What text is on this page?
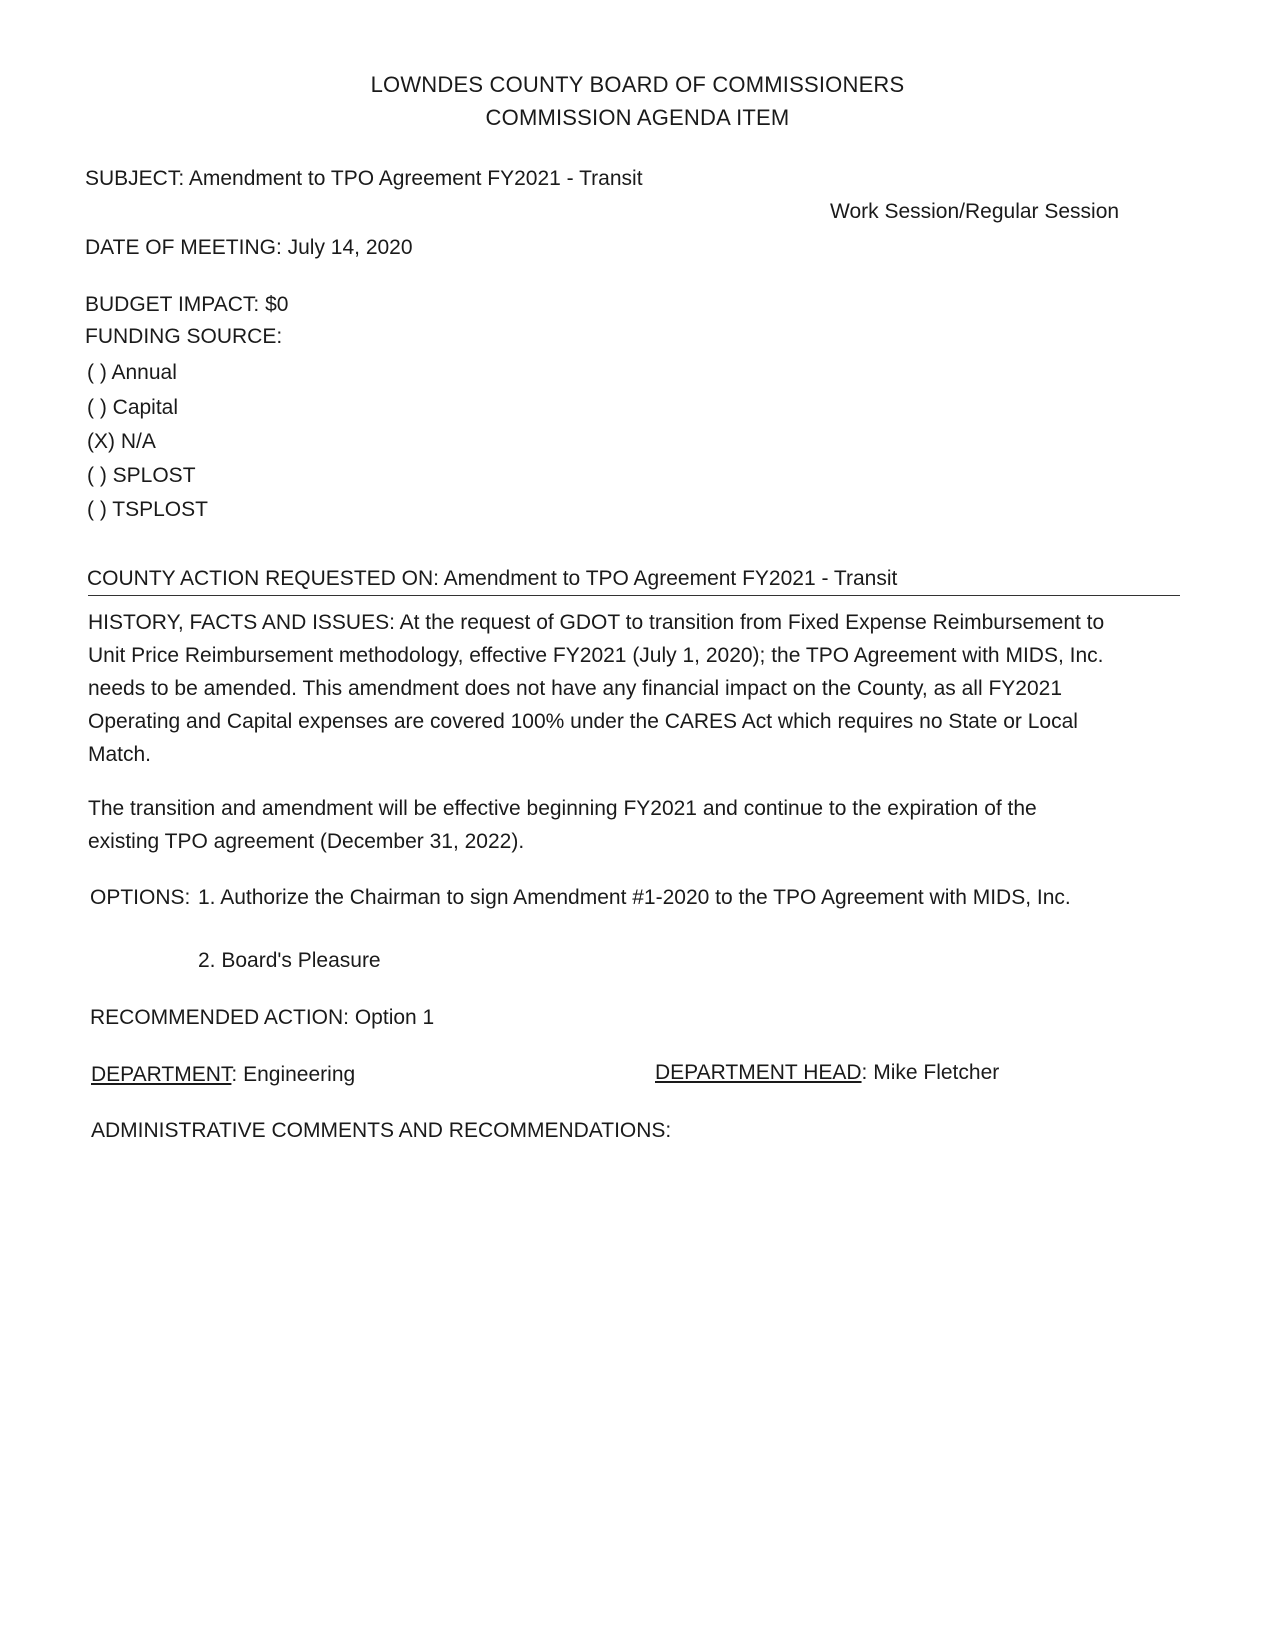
LOWNDES COUNTY BOARD OF COMMISSIONERS
COMMISSION AGENDA ITEM
SUBJECT: Amendment to TPO Agreement FY2021 - Transit
Work Session/Regular Session
DATE OF MEETING: July 14, 2020
BUDGET IMPACT: $0
FUNDING SOURCE:
( ) Annual
( ) Capital
(X) N/A
( ) SPLOST
( ) TSPLOST
COUNTY ACTION REQUESTED ON: Amendment to TPO Agreement FY2021 - Transit
HISTORY, FACTS AND ISSUES: At the request of GDOT to transition from Fixed Expense Reimbursement to
Unit Price Reimbursement methodology, effective FY2021 (July 1, 2020); the TPO Agreement with MIDS, Inc.
needs to be amended. This amendment does not have any financial impact on the County, as all FY2021
Operating and Capital expenses are covered 100% under the CARES Act which requires no State or Local
Match.
The transition and amendment will be effective beginning FY2021 and continue to the expiration of the
existing TPO agreement (December 31, 2022).
OPTIONS: 1. Authorize the Chairman to sign Amendment #1-2020 to the TPO Agreement with MIDS, Inc.
2. Board's Pleasure
RECOMMENDED ACTION: Option 1
DEPARTMENT: Engineering	DEPARTMENT HEAD: Mike Fletcher
ADMINISTRATIVE COMMENTS AND RECOMMENDATIONS:
